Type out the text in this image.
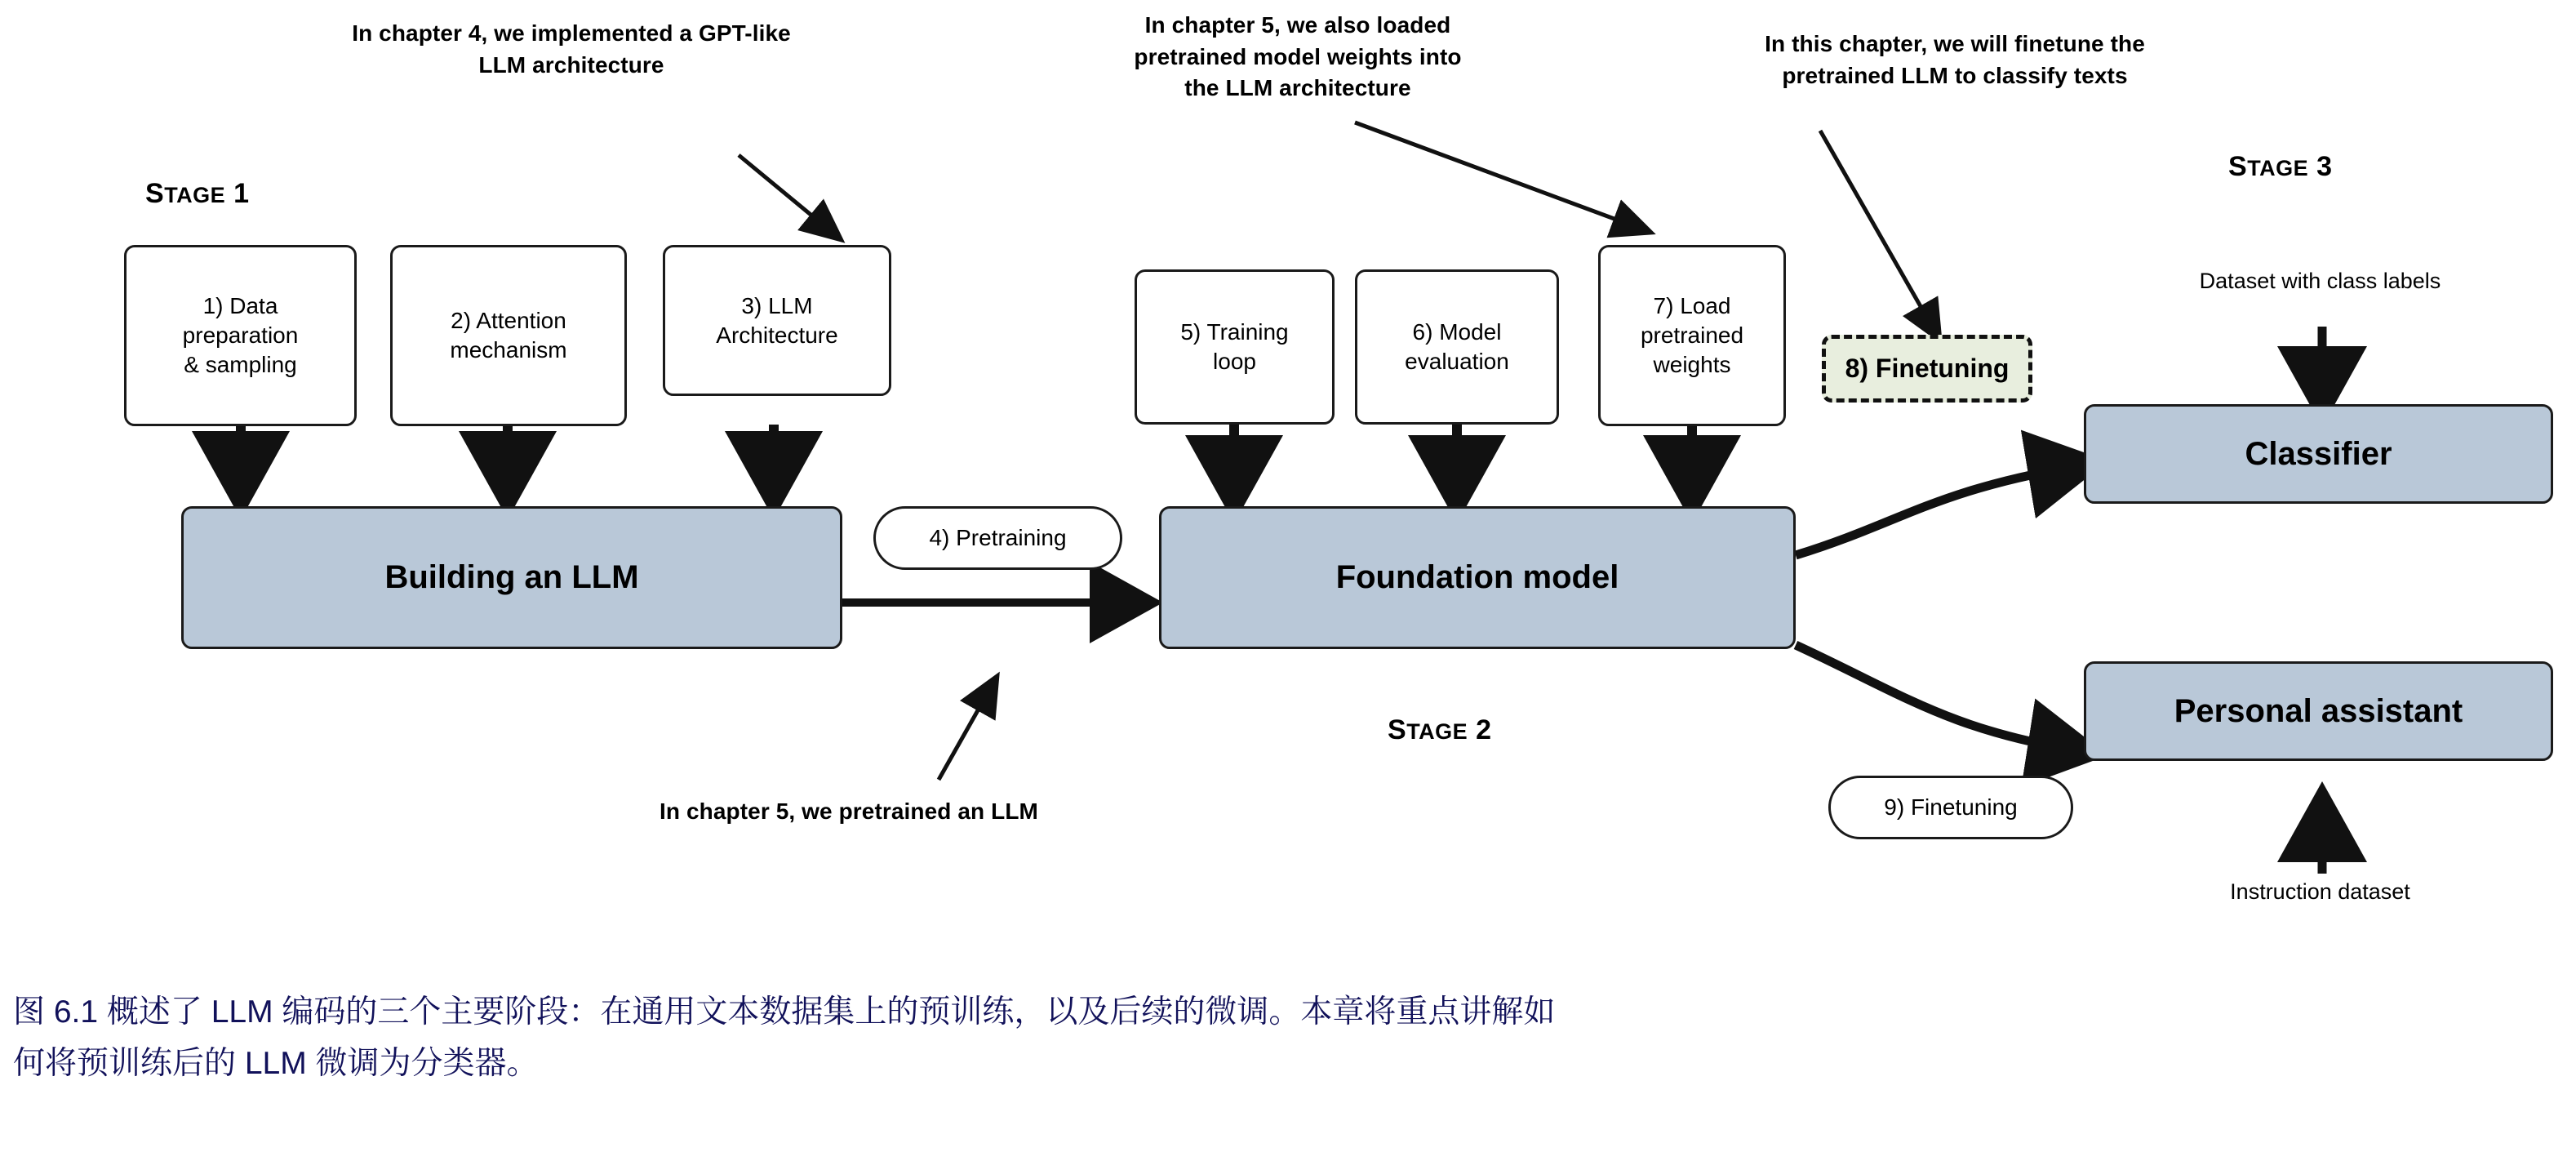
In chapter 4, we implemented a GPT-like
LLM architecture
In chapter 5, we also loaded
pretrained model weights into
the LLM architecture
In this chapter, we will finetune the
pretrained LLM to classify texts
In chapter 5, we pretrained an LLM
STAGE 1
STAGE 2
STAGE 3
1) Data
preparation
& sampling
2) Attention
mechanism
3) LLM
Architecture	5) Training
loop
6) Model
evaluation
7) Load
pretrained
weights	8) Finetuning
Building an LLM	Foundation model
Classifier
Personal assistant
4) Pretraining
9) Finetuning
Dataset with class labels
Instruction dataset
图 6.1 概述了 LLM 编码的三个主要阶段：在通用文本数据集上的预训练，以及后续的微调。本章将重点讲解如
何将预训练后的 LLM 微调为分类器。
